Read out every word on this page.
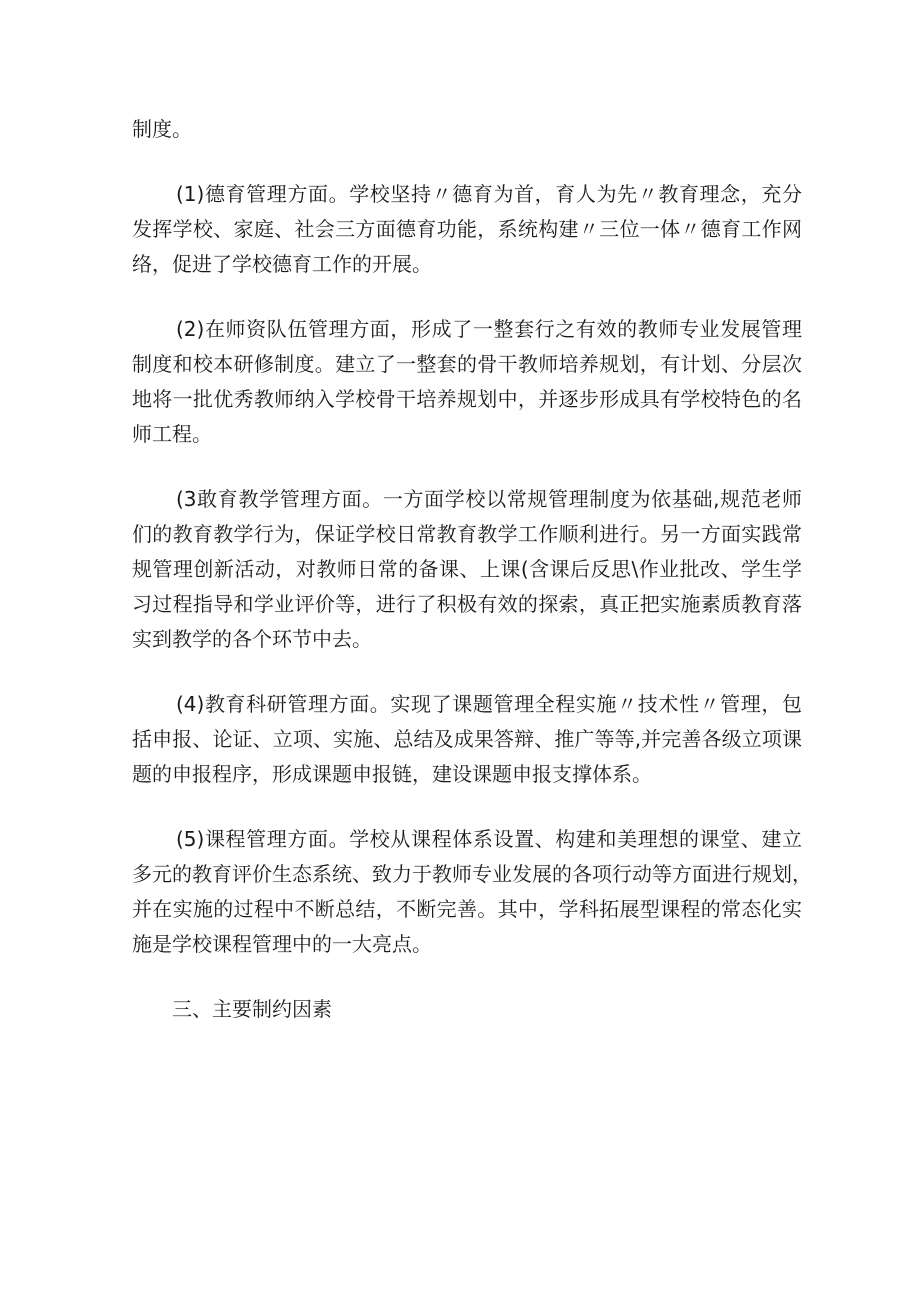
制度。

(1)德育管理方面。学校坚持〃德育为首，育人为先〃教育理念，充分
发挥学校、家庭、社会三方面德育功能，系统构建〃三位一体〃德育工作网
络，促进了学校德育工作的开展。

(2)在师资队伍管理方面，形成了一整套行之有效的教师专业发展管理
制度和校本研修制度。建立了一整套的骨干教师培养规划，有计划、分层次
地将一批优秀教师纳入学校骨干培养规划中，并逐步形成具有学校特色的名
师工程。

(3敢育教学管理方面。一方面学校以常规管理制度为依基础,规范老师
们的教育教学行为，保证学校日常教育教学工作顺利进行。另一方面实践常
规管理创新活动，对教师日常的备课、上课(含课后反思\作业批改、学生学
习过程指导和学业评价等，进行了积极有效的探索，真正把实施素质教育落
实到教学的各个环节中去。

(4)教育科研管理方面。实现了课题管理全程实施〃技术性〃管理，包
括申报、论证、立项、实施、总结及成果答辩、推广等等,并完善各级立项课
题的申报程序，形成课题申报链，建设课题申报支撑体系。

(5)课程管理方面。学校从课程体系设置、构建和美理想的课堂、建立
多元的教育评价生态系统、致力于教师专业发展的各项行动等方面进行规划，
并在实施的过程中不断总结，不断完善。其中，学科拓展型课程的常态化实
施是学校课程管理中的一大亮点。

三、主要制约因素
